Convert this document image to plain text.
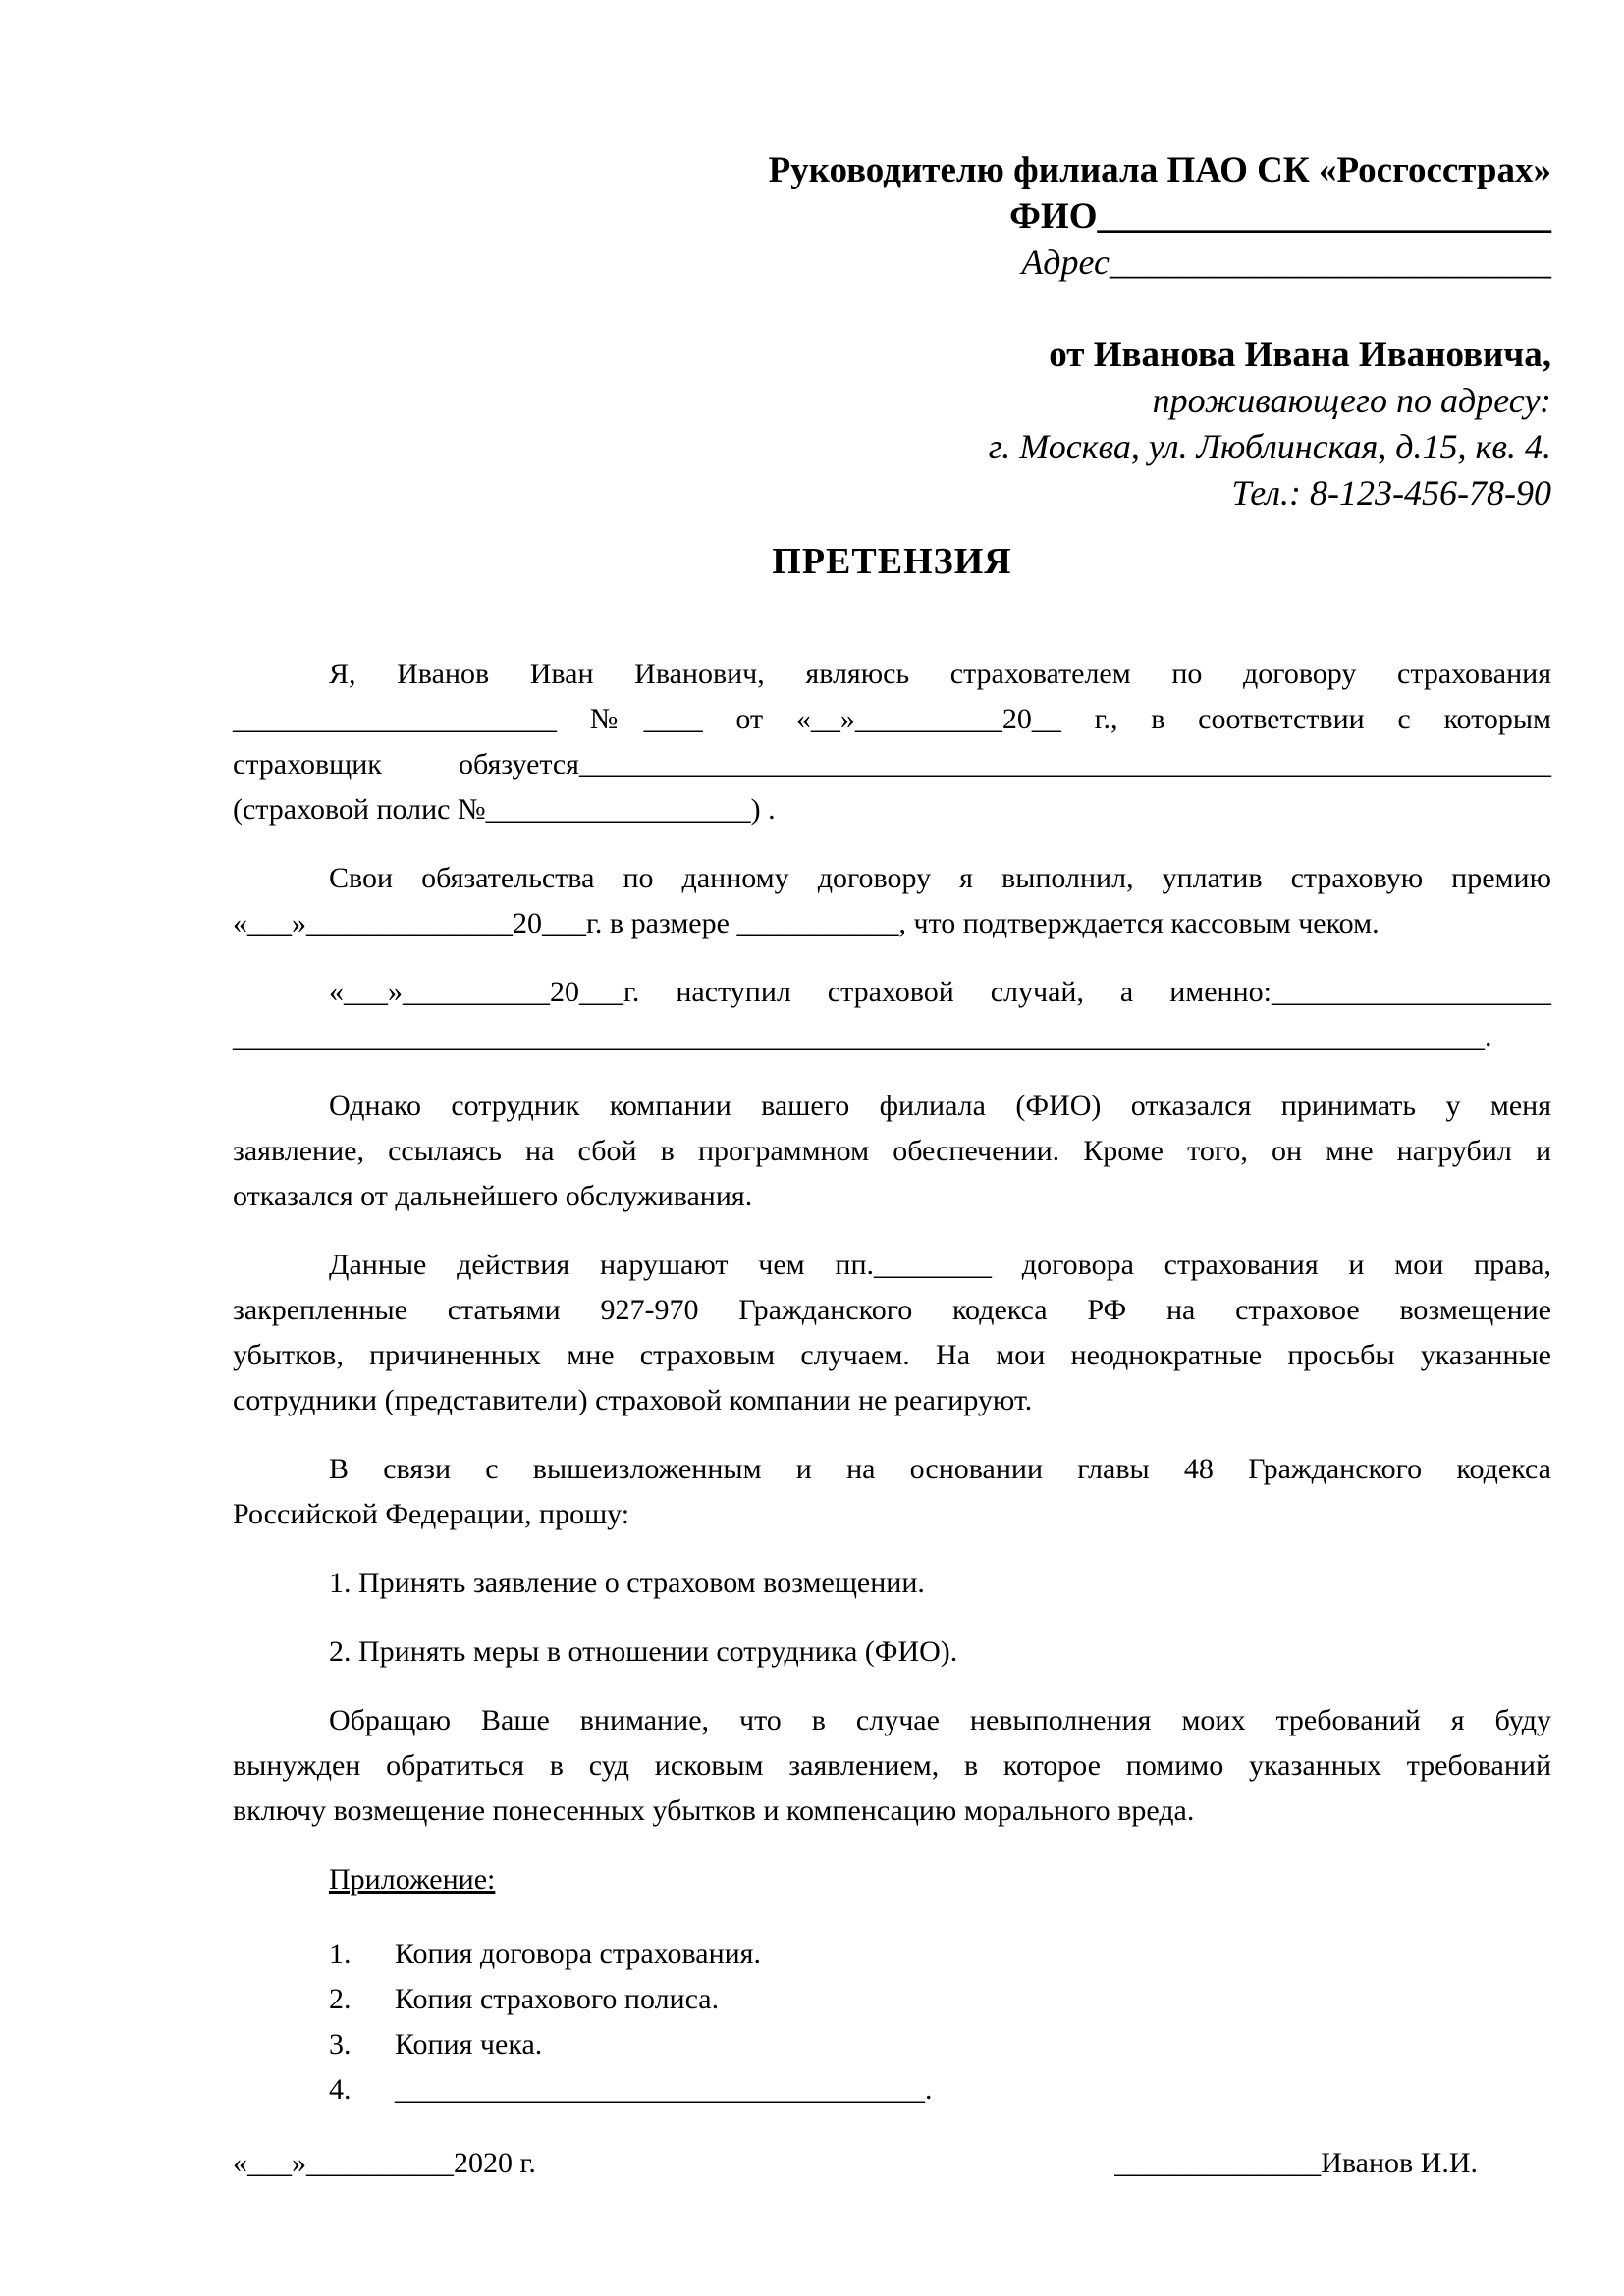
Руководителю филиала ПАО СК «Росгосстрах»
ФИО_________________________
Адрес_________________________
от Иванова Ивана Ивановича,
проживающего по адресу:
г. Москва, ул. Люблинская, д.15, кв. 4.
Тел.: 8-123-456-78-90
ПРЕТЕНЗИЯ
Я, Иванов Иван Иванович, являюсь страхователем по договору страхования
______________________ №____ от «__»__________20__ г., в соответствии с которым
страховщик обязуется__________________________________________________________________
(страховой полис №__________________) .
Свои обязательства по данному договору я выполнил, уплатив страховую премию
«___»______________20___г. в размере ___________, что подтверждается кассовым чеком.
«___»__________20___г. наступил страховой случай, а именно:___________________
_____________________________________________________________________________________.
Однако сотрудник компании вашего филиала (ФИО) отказался принимать у меня
заявление, ссылаясь на сбой в программном обеспечении. Кроме того, он мне нагрубил и
отказался от дальнейшего обслуживания.
Данные действия нарушают чем пп.________ договора страхования и мои права,
закрепленные статьями 927-970 Гражданского кодекса РФ на страховое возмещение
убытков, причиненных мне страховым случаем. На мои неоднократные просьбы указанные
сотрудники (представители) страховой компании не реагируют.
В связи с вышеизложенным и на основании главы 48 Гражданского кодекса
Российской Федерации, прошу:
1. Принять заявление о страховом возмещении.
2. Принять меры в отношении сотрудника (ФИО).
Обращаю Ваше внимание, что в случае невыполнения моих требований я буду
вынужден обратиться в суд исковым заявлением, в которое помимо указанных требований
включу возмещение понесенных убытков и компенсацию морального вреда.
Приложение:
1.	Копия договора страхования.
2.	Копия страхового полиса.
3.	Копия чека.
4.	____________________________________.
«___»__________2020 г.	______________Иванов И.И.
